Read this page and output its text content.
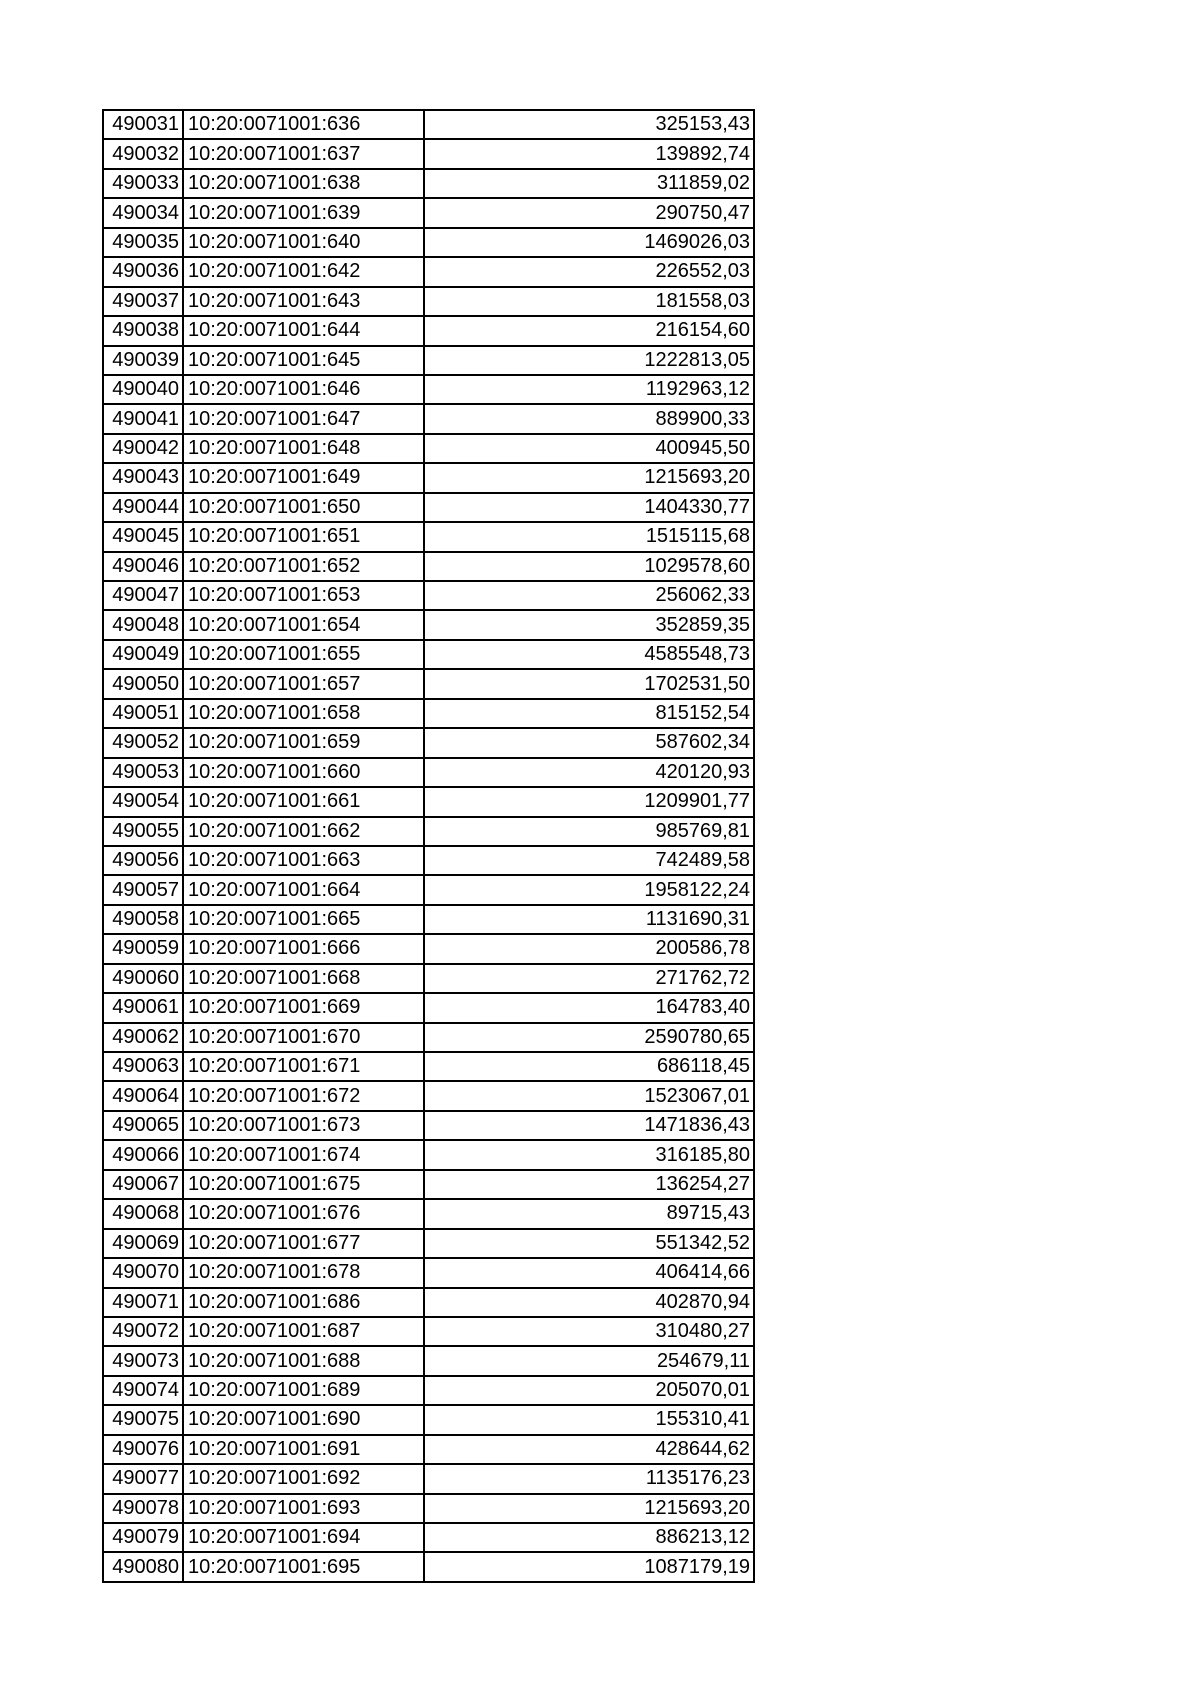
490031	10:20:0071001:636	325153,43
490032	10:20:0071001:637	139892,74
490033	10:20:0071001:638	311859,02
490034	10:20:0071001:639	290750,47
490035	10:20:0071001:640	1469026,03
490036	10:20:0071001:642	226552,03
490037	10:20:0071001:643	181558,03
490038	10:20:0071001:644	216154,60
490039	10:20:0071001:645	1222813,05
490040	10:20:0071001:646	1192963,12
490041	10:20:0071001:647	889900,33
490042	10:20:0071001:648	400945,50
490043	10:20:0071001:649	1215693,20
490044	10:20:0071001:650	1404330,77
490045	10:20:0071001:651	1515115,68
490046	10:20:0071001:652	1029578,60
490047	10:20:0071001:653	256062,33
490048	10:20:0071001:654	352859,35
490049	10:20:0071001:655	4585548,73
490050	10:20:0071001:657	1702531,50
490051	10:20:0071001:658	815152,54
490052	10:20:0071001:659	587602,34
490053	10:20:0071001:660	420120,93
490054	10:20:0071001:661	1209901,77
490055	10:20:0071001:662	985769,81
490056	10:20:0071001:663	742489,58
490057	10:20:0071001:664	1958122,24
490058	10:20:0071001:665	1131690,31
490059	10:20:0071001:666	200586,78
490060	10:20:0071001:668	271762,72
490061	10:20:0071001:669	164783,40
490062	10:20:0071001:670	2590780,65
490063	10:20:0071001:671	686118,45
490064	10:20:0071001:672	1523067,01
490065	10:20:0071001:673	1471836,43
490066	10:20:0071001:674	316185,80
490067	10:20:0071001:675	136254,27
490068	10:20:0071001:676	89715,43
490069	10:20:0071001:677	551342,52
490070	10:20:0071001:678	406414,66
490071	10:20:0071001:686	402870,94
490072	10:20:0071001:687	310480,27
490073	10:20:0071001:688	254679,11
490074	10:20:0071001:689	205070,01
490075	10:20:0071001:690	155310,41
490076	10:20:0071001:691	428644,62
490077	10:20:0071001:692	1135176,23
490078	10:20:0071001:693	1215693,20
490079	10:20:0071001:694	886213,12
490080	10:20:0071001:695	1087179,19
